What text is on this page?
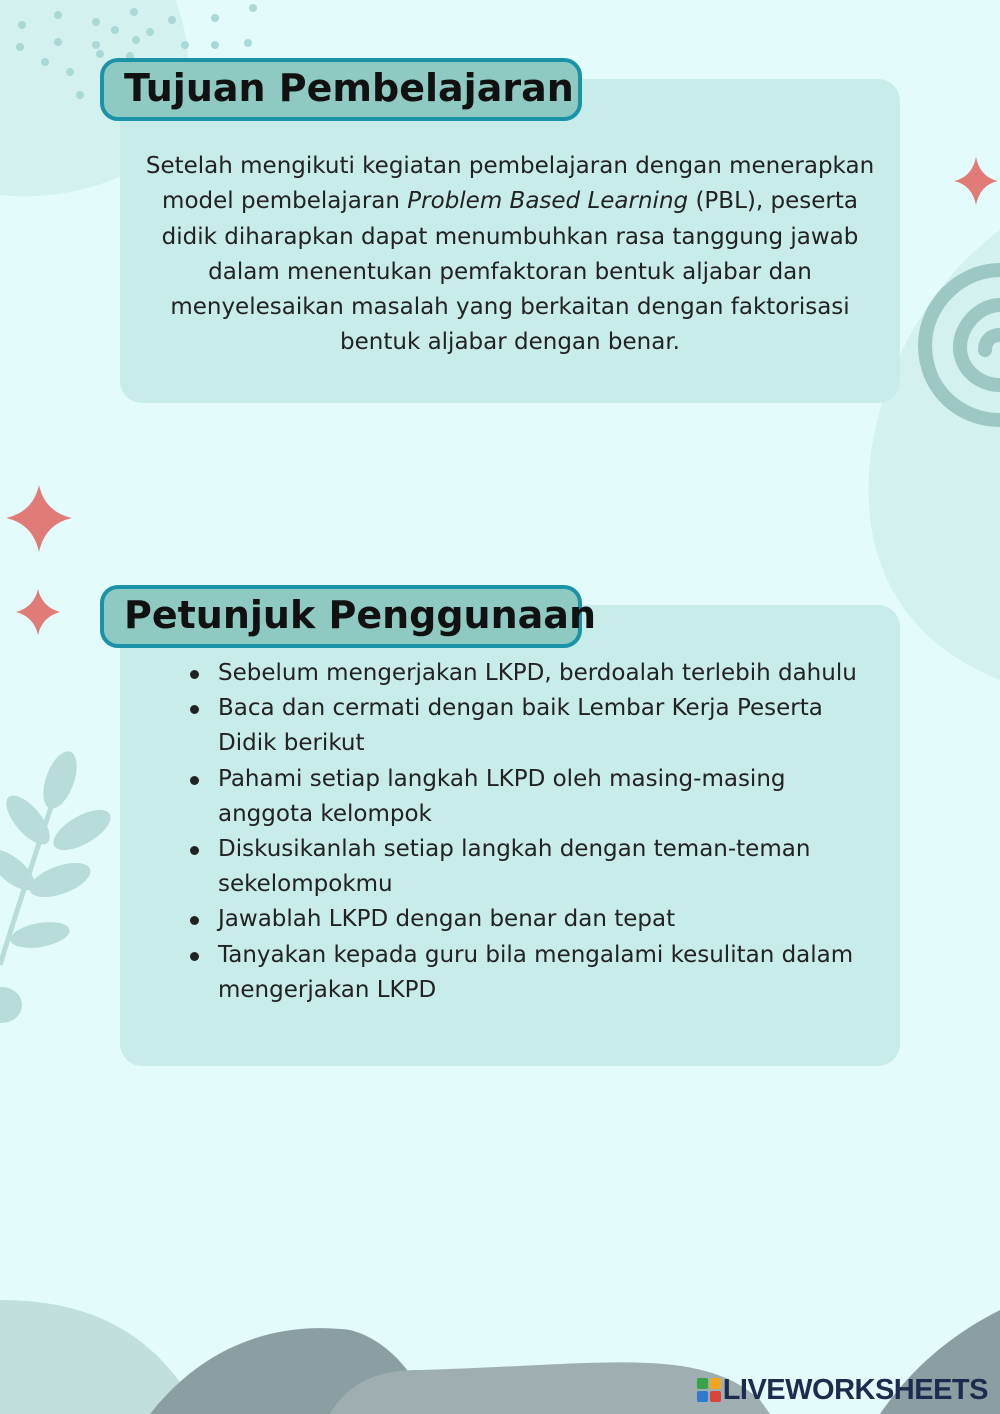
Tujuan Pembelajaran

Setelah mengikuti kegiatan pembelajaran dengan menerapkan model pembelajaran Problem Based Learning (PBL), peserta didik diharapkan dapat menumbuhkan rasa tanggung jawab dalam menentukan pemfaktoran bentuk aljabar dan menyelesaikan masalah yang berkaitan dengan faktorisasi bentuk aljabar dengan benar.

Petunjuk Penggunaan
Sebelum mengerjakan LKPD, berdoalah terlebih dahulu
Baca dan cermati dengan baik Lembar Kerja Peserta Didik berikut
Pahami setiap langkah LKPD oleh masing-masing anggota kelompok
Diskusikanlah setiap langkah dengan teman-teman sekelompokmu
Jawablah LKPD dengan benar dan tepat
Tanyakan kepada guru bila mengalami kesulitan dalam mengerjakan LKPD
LIVEWORKSHEETS
